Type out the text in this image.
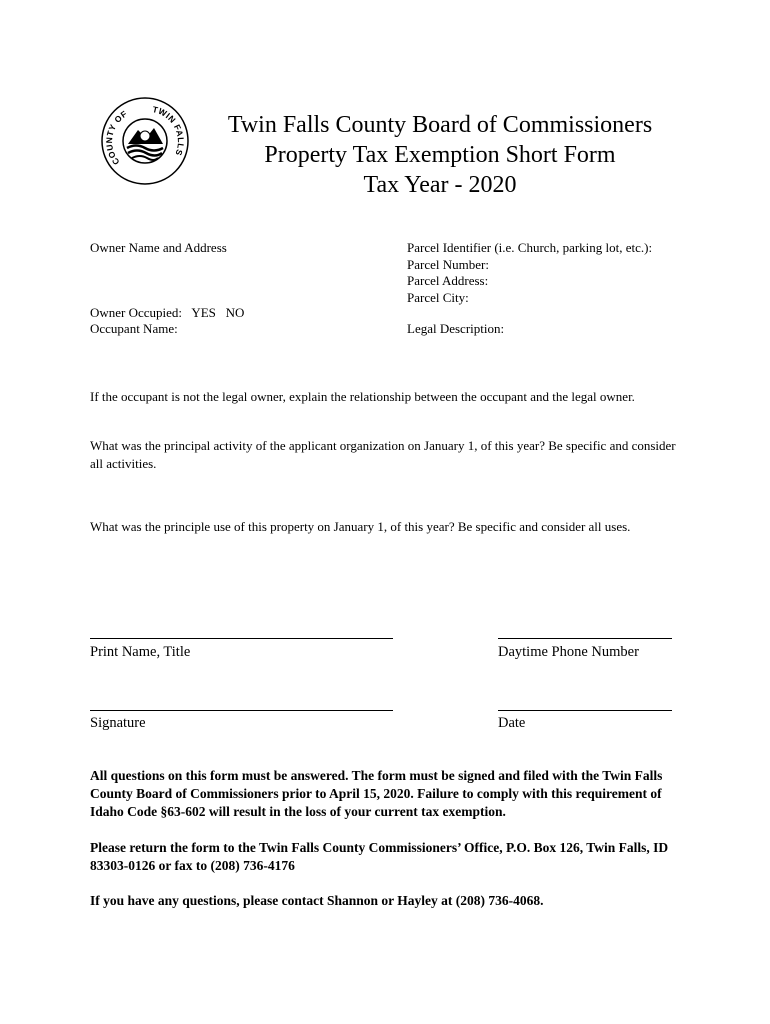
COUNTY OF	TWIN FALLS
Twin Falls County Board of Commissioners
Property Tax Exemption Short Form
Tax Year - 2020
Owner Name and Address
Owner Occupied:   YES   NO
Occupant Name:
Parcel Identifier (i.e. Church, parking lot, etc.):
Parcel Number:
Parcel Address:
Parcel City:
Legal Description:
If the occupant is not the legal owner, explain the relationship between the occupant and the legal owner.
What was the principal activity of the applicant organization on January 1, of this year? Be specific and consider all activities.
What was the principle use of this property on January 1, of this year? Be specific and consider all uses.
Print Name, Title	Daytime Phone Number
Signature	Date
All questions on this form must be answered. The form must be signed and filed with the Twin Falls County Board of Commissioners prior to April 15, 2020. Failure to comply with this requirement of Idaho Code §63-602 will result in the loss of your current tax exemption.
Please return the form to the Twin Falls County Commissioners’ Office, P.O. Box 126, Twin Falls, ID 83303-0126 or fax to (208) 736-4176
If you have any questions, please contact Shannon or Hayley at (208) 736-4068.
